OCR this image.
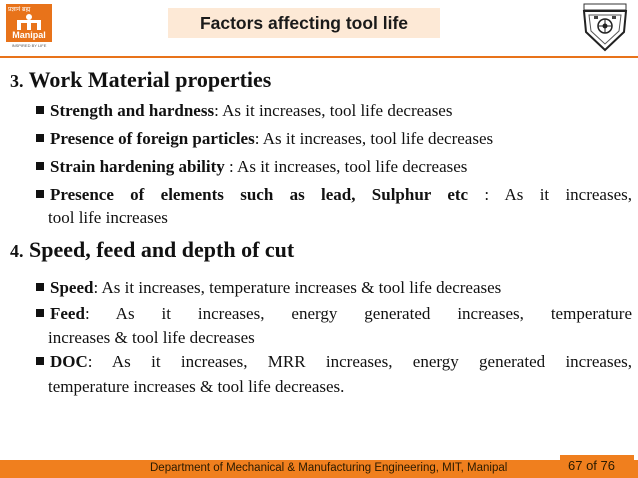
प्रज्ञानं ब्रह्म
Manipal
INSPIRED BY LIFE
Factors affecting tool life
3. Work Material properties
Strength and hardness: As it increases, tool life decreases
Presence of foreign particles: As it increases, tool life decreases
Strain hardening ability : As it increases, tool life decreases
Presence of elements such as lead, Sulphur etc : As it increases,
tool life increases
4. Speed, feed and depth of cut
Speed: As it increases, temperature increases & tool life decreases
Feed: As it increases, energy generated increases, temperature
increases & tool life decreases
DOC: As it increases, MRR increases, energy generated increases,
temperature increases & tool life decreases.
Department of Mechanical & Manufacturing Engineering, MIT, Manipal	67 of 76
